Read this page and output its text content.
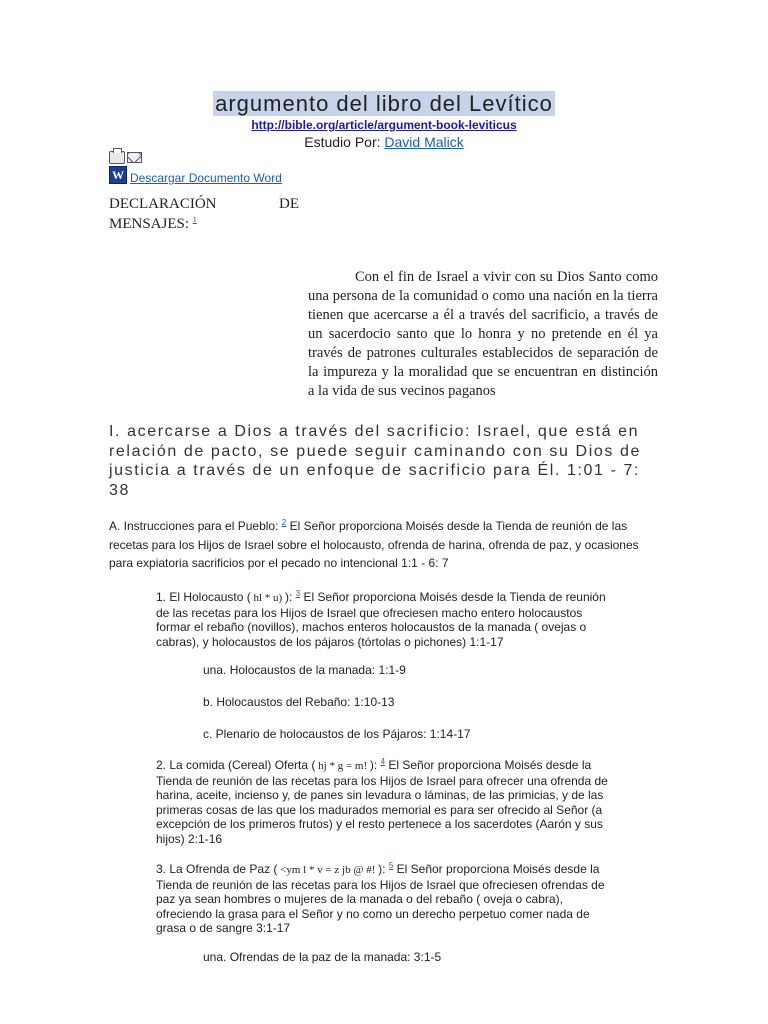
argumento del libro del Levítico
http://bible.org/article/argument-book-leviticus
Estudio Por: David Malick
W Descargar Documento Word
DECLARACIÓN DE
MENSAJES: $^1$

Con el fin de Israel a vivir con su Dios Santo como una persona de la comunidad o como una nación en la tierra tienen que acercarse a él a través del sacrificio, a través de un sacerdocio santo que lo honra y no pretende en él ya través de patrones culturales establecidos de separación de la impureza y la moralidad que se encuentran en distinción a la vida de sus vecinos paganos

I. acercarse a Dios a través del sacrificio: Israel, que está en relación de pacto, se puede seguir caminando con su Dios de justicia a través de un enfoque de sacrificio para Él. 1:01 - 7: 38
A. Instrucciones para el Pueblo: $^2$ El Señor proporciona Moisés desde la Tienda de reunión de las recetas para los Hijos de Israel sobre el holocausto, ofrenda de harina, ofrenda de paz, y ocasiones para expiatoria sacrificios por el pecado no intencional 1:1 - 6: 7
1. El Holocausto ( hl * u) ): $^3$ El Señor proporciona Moisés desde la Tienda de reunión de las recetas para los Hijos de Israel que ofreciesen macho entero holocaustos formar el rebaño (novillos), machos enteros holocaustos de la manada ( ovejas o cabras), y holocaustos de los pájaros (tórtolas o pichones) 1:1-17
una. Holocaustos de la manada: 1:1-9
b. Holocaustos del Rebaño: 1:10-13
c. Plenario de holocaustos de los Pájaros: 1:14-17
2. La comida (Cereal) Oferta ( hj * g = m! ): $^4$ El Señor proporciona Moisés desde la Tienda de reunión de las recetas para los Hijos de Israel para ofrecer una ofrenda de harina, aceite, incienso y, de panes sin levadura o láminas, de las primicias, y de las primeras cosas de las que los madurados memorial es para ser ofrecido al Señor (a excepción de los primeros frutos) y el resto pertenece a los sacerdotes (Aarón y sus hijos) 2:1-16
3. La Ofrenda de Paz ( <ym l * v = z jb @ #! ): $^5$ El Señor proporciona Moisés desde la Tienda de reunión de las recetas para los Hijos de Israel que ofreciesen ofrendas de paz ya sean hombres o mujeres de la manada o del rebaño ( oveja o cabra), ofreciendo la grasa para el Señor y no como un derecho perpetuo comer nada de grasa o de sangre 3:1-17
una. Ofrendas de la paz de la manada: 3:1-5
